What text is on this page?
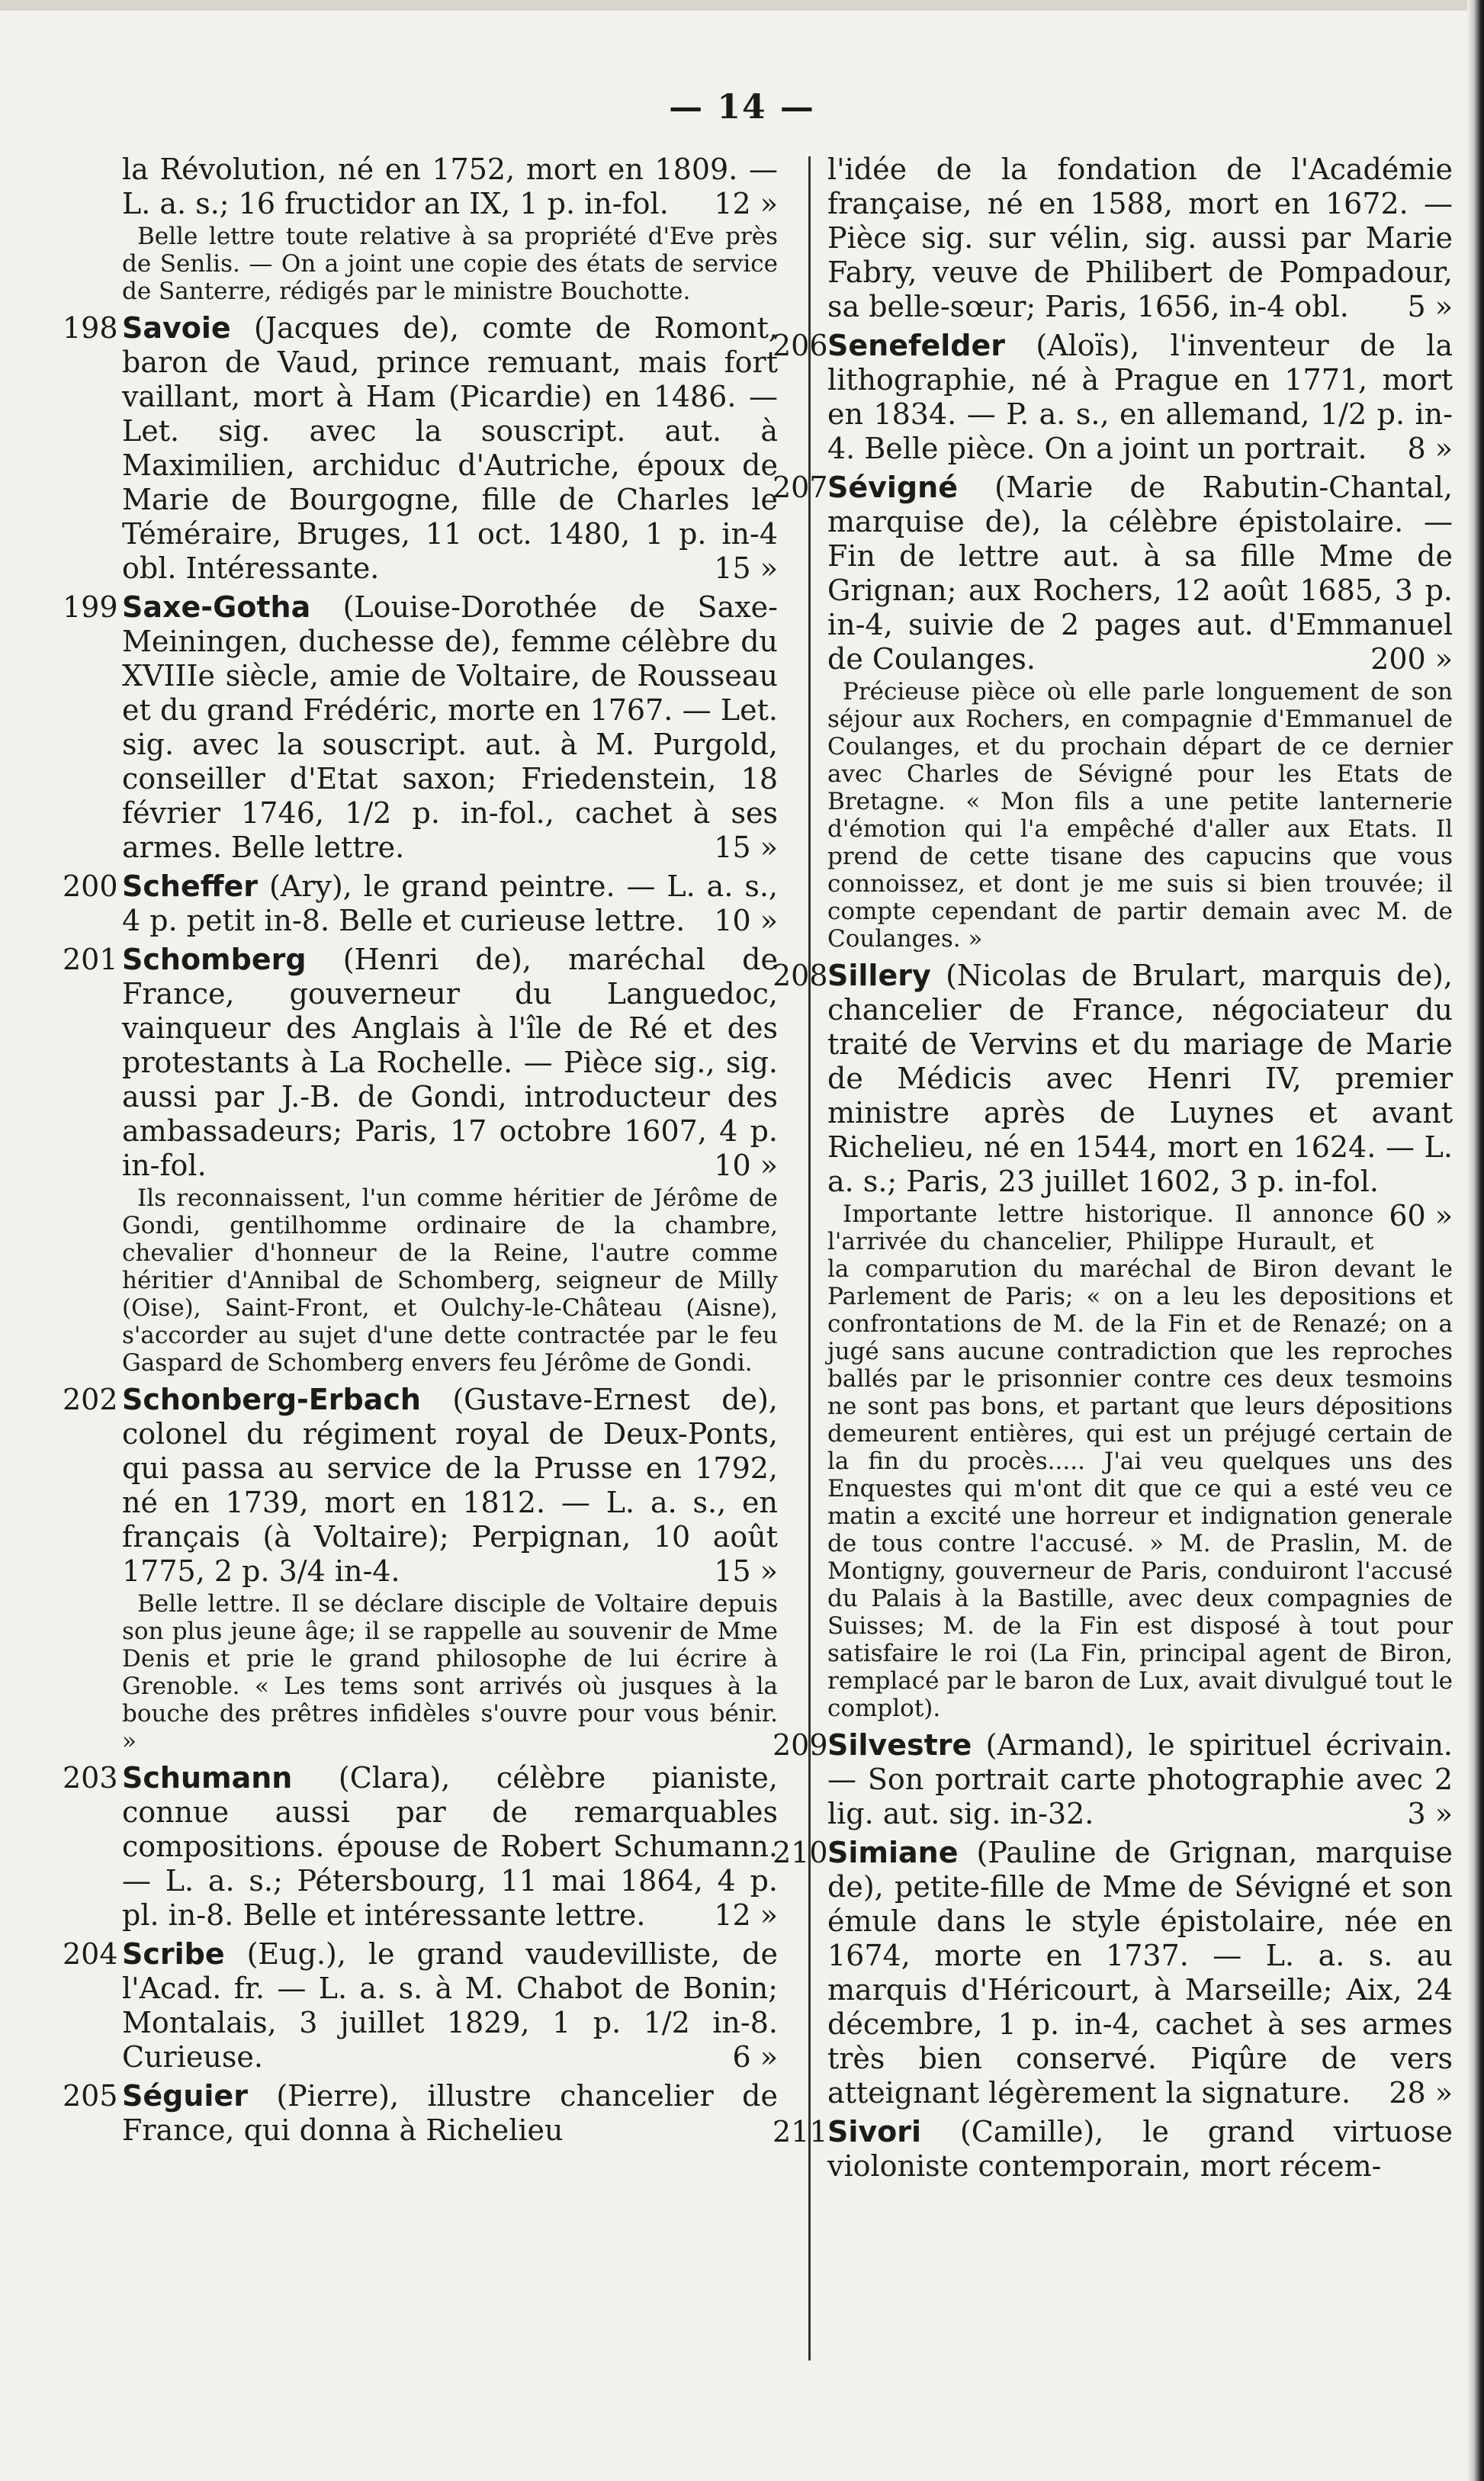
— 14 —
la Révolution, né en 1752, mort en 1809. — L. a. s.; 16 fructidor an IX, 1 p. in-fol. 12 »
Belle lettre toute relative à sa propriété d'Eve près de Senlis. — On a joint une copie des états de service de Santerre, rédigés par le ministre Bouchotte.
198 Savoie (Jacques de), comte de Romont, baron de Vaud, prince remuant, mais fort vaillant, mort à Ham (Picardie) en 1486. — Let. sig. avec la souscript. aut. à Maximilien, archiduc d'Autriche, époux de Marie de Bourgogne, fille de Charles le Téméraire, Bruges, 11 oct. 1480, 1 p. in-4 obl. Intéressante.	15 »
199 Saxe-Gotha (Louise-Dorothée de Saxe-Meiningen, duchesse de), femme célèbre du XVIIIe siècle, amie de Voltaire, de Rousseau et du grand Frédéric, morte en 1767. — Let. sig. avec la souscript. aut. à M. Purgold, conseiller d'Etat saxon; Friedenstein, 18 février 1746, 1/2 p. in-fol., cachet à ses armes. Belle lettre.	15 »
200 Scheffer (Ary), le grand peintre. — L. a. s., 4 p. petit in-8. Belle et curieuse lettre. 10 »
201 Schomberg (Henri de), maréchal de France, gouverneur du Languedoc, vainqueur des Anglais à l'île de Ré et des protestants à La Rochelle. — Pièce sig., sig. aussi par J.-B. de Gondi, introducteur des ambassadeurs; Paris, 17 octobre 1607, 4 p. in-fol.	10 »
Ils reconnaissent, l'un comme héritier de Jérôme de Gondi, gentilhomme ordinaire de la chambre, chevalier d'honneur de la Reine, l'autre comme héritier d'Annibal de Schomberg, seigneur de Milly (Oise), Saint-Front, et Oulchy-le-Château (Aisne), s'accorder au sujet d'une dette contractée par le feu Gaspard de Schomberg envers feu Jérôme de Gondi.
202 Schonberg-Erbach (Gustave-Ernest de), colonel du régiment royal de Deux-Ponts, qui passa au service de la Prusse en 1792, né en 1739, mort en 1812. — L. a. s., en français (à Voltaire); Perpignan, 10 août 1775, 2 p. 3/4 in-4.	15 »
Belle lettre. Il se déclare disciple de Voltaire depuis son plus jeune âge; il se rappelle au souvenir de Mme Denis et prie le grand philosophe de lui écrire à Grenoble. « Les tems sont arrivés où jusques à la bouche des prêtres infidèles s'ouvre pour vous bénir. »
203 Schumann (Clara), célèbre pianiste, connue aussi par de remarquables compositions. épouse de Robert Schumann. — L. a. s.; Pétersbourg, 11 mai 1864, 4 p. pl. in-8. Belle et intéressante lettre. 12 »
204 Scribe (Eug.), le grand vaudevilliste, de l'Acad. fr. — L. a. s. à M. Chabot de Bonin; Montalais, 3 juillet 1829, 1 p. 1/2 in-8. Curieuse.	6 »
205 Séguier (Pierre), illustre chancelier de France, qui donna à Richelieu
l'idée de la fondation de l'Académie française, né en 1588, mort en 1672. — Pièce sig. sur vélin, sig. aussi par Marie Fabry, veuve de Philibert de Pompadour, sa belle-sœur; Paris, 1656, in-4 obl. 5 »
206 Senefelder (Aloïs), l'inventeur de la lithographie, né à Prague en 1771, mort en 1834. — P. a. s., en allemand, 1/2 p. in-4. Belle pièce. On a joint un portrait. 8 »
207 Sévigné (Marie de Rabutin-Chantal, marquise de), la célèbre épistolaire. — Fin de lettre aut. à sa fille Mme de Grignan; aux Rochers, 12 août 1685, 3 p. in-4, suivie de 2 pages aut. d'Emmanuel de Coulanges.	200 »
Précieuse pièce où elle parle longuement de son séjour aux Rochers, en compagnie d'Emmanuel de Coulanges, et du prochain départ de ce dernier avec Charles de Sévigné pour les Etats de Bretagne. « Mon fils a une petite lanternerie d'émotion qui l'a empêché d'aller aux Etats. Il prend de cette tisane des capucins que vous connoissez, et dont je me suis si bien trouvée; il compte cependant de partir demain avec M. de Coulanges. »
208 Sillery (Nicolas de Brulart, marquis de), chancelier de France, négociateur du traité de Vervins et du mariage de Marie de Médicis avec Henri IV, premier ministre après de Luynes et avant Richelieu, né en 1544, mort en 1624. — L. a. s.; Paris, 23 juillet 1602, 3 p. in-fol.
60 »
Importante lettre historique. Il annonce l'arrivée du chancelier, Philippe Hurault, et la comparution du maréchal de Biron devant le Parlement de Paris; « on a leu les depositions et confrontations de M. de la Fin et de Renazé; on a jugé sans aucune contradiction que les reproches ballés par le prisonnier contre ces deux tesmoins ne sont pas bons, et partant que leurs dépositions demeurent entières, qui est un préjugé certain de la fin du procès..... J'ai veu quelques uns des Enquestes qui m'ont dit que ce qui a esté veu ce matin a excité une horreur et indignation generale de tous contre l'accusé. » M. de Praslin, M. de Montigny, gouverneur de Paris, conduiront l'accusé du Palais à la Bastille, avec deux compagnies de Suisses; M. de la Fin est disposé à tout pour satisfaire le roi (La Fin, principal agent de Biron, remplacé par le baron de Lux, avait divulgué tout le complot).
209 Silvestre (Armand), le spirituel écrivain. — Son portrait carte photographie avec 2 lig. aut. sig. in-32.	3 »
210 Simiane (Pauline de Grignan, marquise de), petite-fille de Mme de Sévigné et son émule dans le style épistolaire, née en 1674, morte en 1737. — L. a. s. au marquis d'Héricourt, à Marseille; Aix, 24 décembre, 1 p. in-4, cachet à ses armes très bien conservé. Piqûre de vers atteignant légèrement la signature. 28 »
211 Sivori (Camille), le grand virtuose violoniste contemporain, mort récem-
